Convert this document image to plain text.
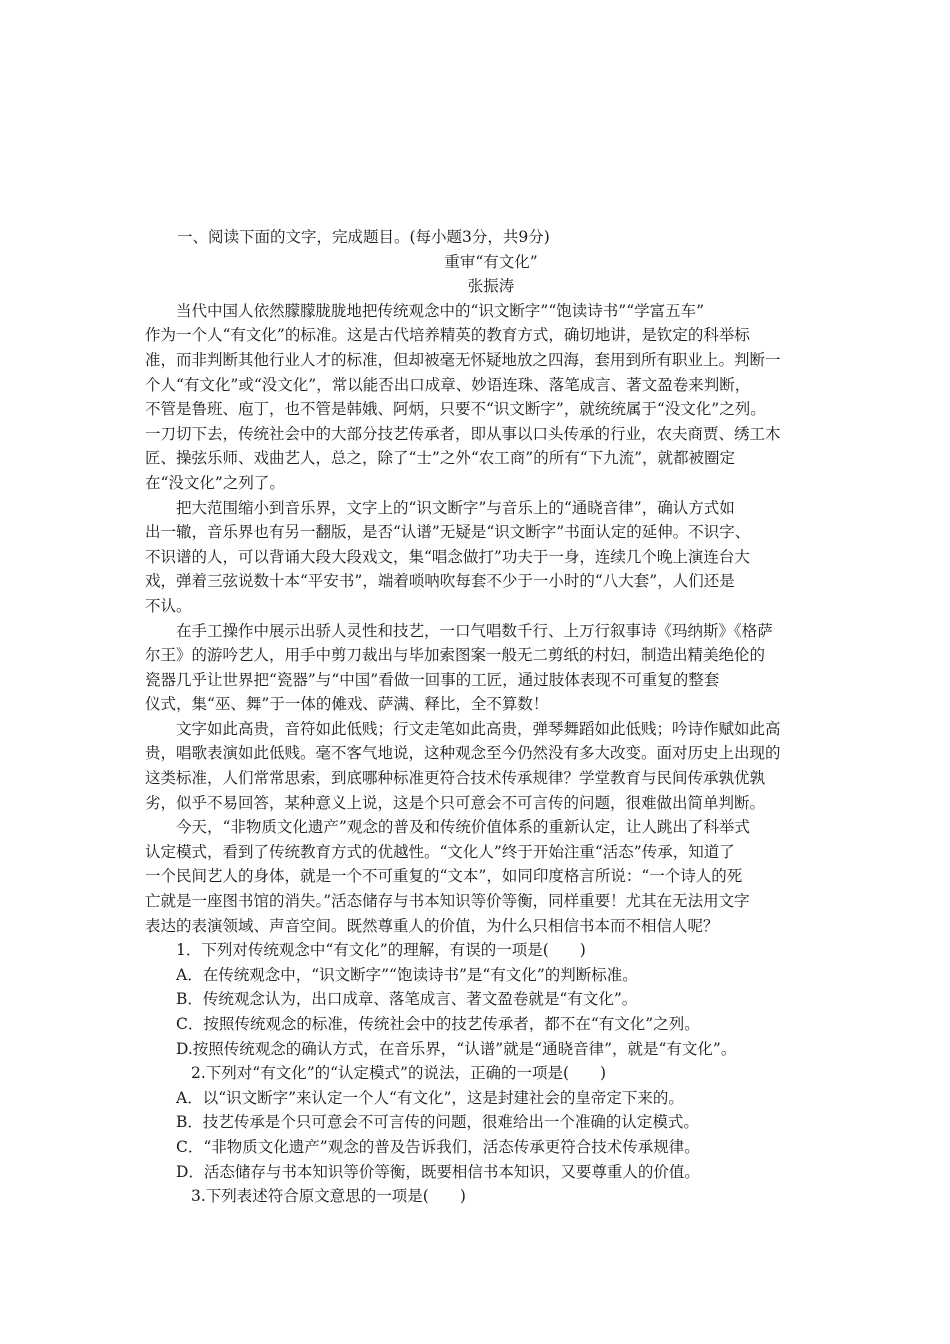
一、阅读下面的文字，完成题目。(每小题3分，共9分)
重审“有文化”
张振涛
当代中国人依然朦朦胧胧地把传统观念中的“识文断字”“饱读诗书”“学富五车”
作为一个人“有文化”的标准。这是古代培养精英的教育方式，确切地讲，是钦定的科举标
准，而非判断其他行业人才的标准，但却被毫无怀疑地放之四海，套用到所有职业上。判断一
个人“有文化”或“没文化”，常以能否出口成章、妙语连珠、落笔成言、著文盈卷来判断，
不管是鲁班、庖丁，也不管是韩娥、阿炳，只要不“识文断字”，就统统属于“没文化”之列。
一刀切下去，传统社会中的大部分技艺传承者，即从事以口头传承的行业，农夫商贾、绣工木
匠、操弦乐师、戏曲艺人，总之，除了“士”之外“农工商”的所有“下九流”，就都被圈定
在“没文化”之列了。
把大范围缩小到音乐界，文字上的“识文断字”与音乐上的“通晓音律”，确认方式如
出一辙，音乐界也有另一翻版，是否“认谱”无疑是“识文断字”书面认定的延伸。不识字、
不识谱的人，可以背诵大段大段戏文，集“唱念做打”功夫于一身，连续几个晚上演连台大
戏，弹着三弦说数十本“平安书”，端着唢呐吹每套不少于一小时的“八大套”，人们还是
不认。
在手工操作中展示出骄人灵性和技艺，一口气唱数千行、上万行叙事诗《玛纳斯》《格萨
尔王》的游吟艺人，用手中剪刀裁出与毕加索图案一般无二剪纸的村妇，制造出精美绝伦的
瓷器几乎让世界把“瓷器”与“中国”看做一回事的工匠，通过肢体表现不可重复的整套
仪式，集“巫、舞”于一体的傩戏、萨满、释比，全不算数！
文字如此高贵，音符如此低贱；行文走笔如此高贵，弹琴舞蹈如此低贱；吟诗作赋如此高
贵，唱歌表演如此低贱。毫不客气地说，这种观念至今仍然没有多大改变。面对历史上出现的
这类标准，人们常常思索，到底哪种标准更符合技术传承规律？学堂教育与民间传承孰优孰
劣，似乎不易回答，某种意义上说，这是个只可意会不可言传的问题，很难做出简单判断。
今天，“非物质文化遗产”观念的普及和传统价值体系的重新认定，让人跳出了科举式
认定模式，看到了传统教育方式的优越性。“文化人”终于开始注重“活态”传承，知道了
一个民间艺人的身体，就是一个不可重复的“文本”，如同印度格言所说：“一个诗人的死
亡就是一座图书馆的消失。”活态储存与书本知识等价等衡，同样重要！尤其在无法用文字
表达的表演领域、声音空间。既然尊重人的价值，为什么只相信书本而不相信人呢？
1．下列对传统观念中“有文化”的理解，有误的一项是(　　)
A．在传统观念中，“识文断字”“饱读诗书”是“有文化”的判断标准。
B．传统观念认为，出口成章、落笔成言、著文盈卷就是“有文化”。
C．按照传统观念的标准，传统社会中的技艺传承者，都不在“有文化”之列。
D.按照传统观念的确认方式，在音乐界，“认谱”就是“通晓音律”，就是“有文化”。
2.下列对“有文化”的“认定模式”的说法，正确的一项是(　　)
A．以“识文断字”来认定一个人“有文化”，这是封建社会的皇帝定下来的。
B．技艺传承是个只可意会不可言传的问题，很难给出一个准确的认定模式。
C．“非物质文化遗产”观念的普及告诉我们，活态传承更符合技术传承规律。
D．活态储存与书本知识等价等衡，既要相信书本知识，又要尊重人的价值。
3.下列表述符合原文意思的一项是(　　)
